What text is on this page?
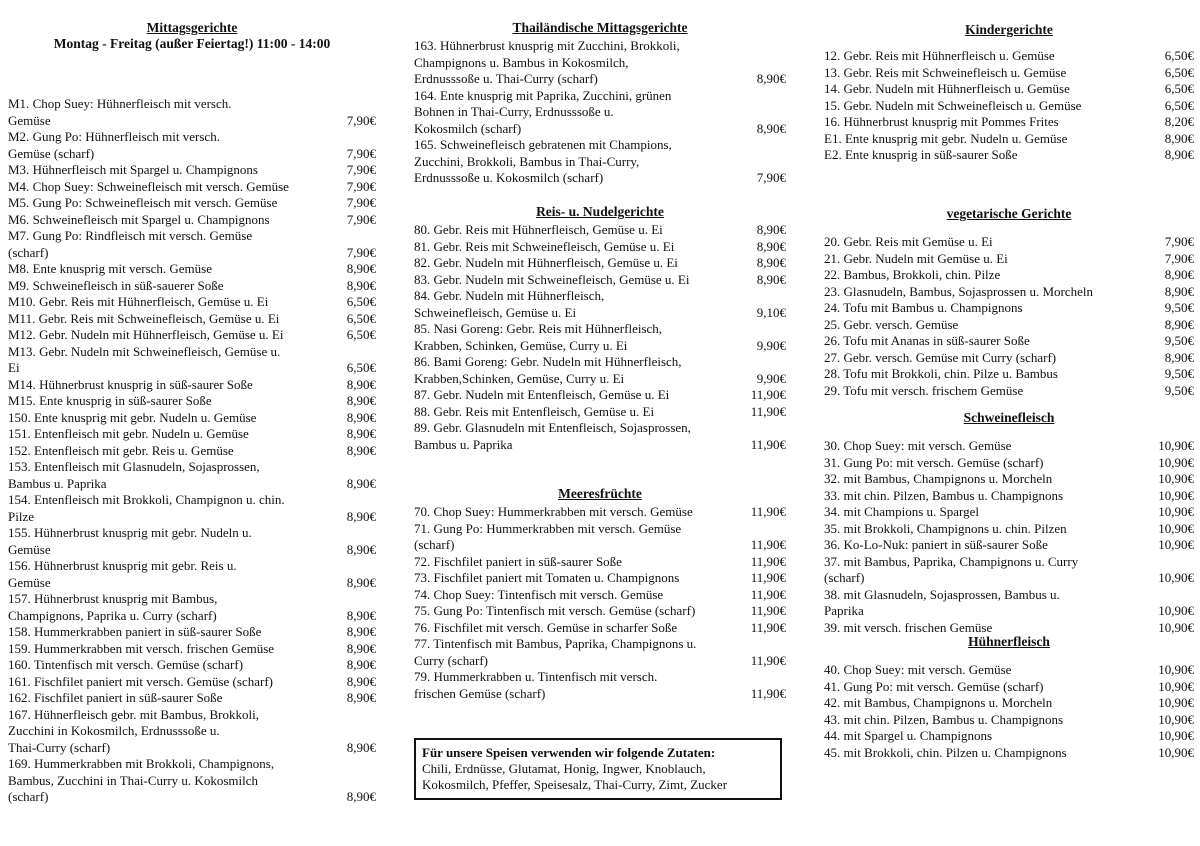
Mittagsgerichte
Montag - Freitag (außer Feiertag!) 11:00 - 14:00
M1. Chop Suey: Hühnerfleisch mit versch.
Gemüse	7,90€
M2. Gung Po: Hühnerfleisch mit versch.
Gemüse (scharf)	7,90€
M3. Hühnerfleisch mit Spargel u. Champignons	7,90€
M4. Chop Suey: Schweinefleisch mit versch. Gemüse	7,90€
M5. Gung Po: Schweinefleisch mit versch. Gemüse	7,90€
M6. Schweinefleisch mit Spargel u. Champignons	7,90€
M7. Gung Po: Rindfleisch mit versch. Gemüse
(scharf)	7,90€
M8. Ente knusprig mit versch. Gemüse	8,90€
M9. Schweinefleisch in süß-sauerer Soße	8,90€
M10. Gebr. Reis mit Hühnerfleisch, Gemüse u. Ei	6,50€
M11. Gebr. Reis mit Schweinefleisch, Gemüse u. Ei	6,50€
M12. Gebr. Nudeln mit Hühnerfleisch, Gemüse u. Ei	6,50€
M13. Gebr. Nudeln mit Schweinefleisch, Gemüse u.
Ei	6,50€
M14. Hühnerbrust knusprig in süß-saurer Soße	8,90€
M15. Ente knusprig in süß-saurer Soße	8,90€
150. Ente knusprig mit gebr. Nudeln u. Gemüse	8,90€
151. Entenfleisch mit gebr. Nudeln u. Gemüse	8,90€
152. Entenfleisch mit gebr. Reis u. Gemüse	8,90€
153. Entenfleisch mit Glasnudeln, Sojasprossen,
Bambus u. Paprika	8,90€
154. Entenfleisch mit Brokkoli, Champignon u. chin.
Pilze	8,90€
155. Hühnerbrust knusprig mit gebr. Nudeln u.
Gemüse	8,90€
156. Hühnerbrust knusprig mit gebr. Reis u.
Gemüse	8,90€
157. Hühnerbrust knusprig mit Bambus,
Champignons, Paprika u. Curry (scharf)	8,90€
158. Hummerkrabben paniert in süß-saurer Soße	8,90€
159. Hummerkrabben mit versch. frischen Gemüse	8,90€
160. Tintenfisch mit versch. Gemüse (scharf)	8,90€
161. Fischfilet paniert mit versch. Gemüse (scharf)	8,90€
162. Fischfilet paniert in süß-saurer Soße	8,90€
167. Hühnerfleisch gebr. mit Bambus, Brokkoli,
Zucchini in Kokosmilch, Erdnusssoße u.
Thai-Curry (scharf)	8,90€
169. Hummerkrabben mit Brokkoli, Champignons,
Bambus, Zucchini in Thai-Curry u. Kokosmilch
(scharf)	8,90€
Thailändische Mittagsgerichte
163. Hühnerbrust knusprig mit Zucchini, Brokkoli,
Champignons u. Bambus in Kokosmilch,
Erdnusssoße u. Thai-Curry (scharf)	8,90€
164. Ente knusprig mit Paprika, Zucchini, grünen
Bohnen in Thai-Curry, Erdnusssoße u.
Kokosmilch (scharf)	8,90€
165. Schweinefleisch gebratenen mit Champions,
Zucchini, Brokkoli, Bambus in Thai-Curry,
Erdnusssoße u. Kokosmilch (scharf)	7,90€
Reis- u. Nudelgerichte
80. Gebr. Reis mit Hühnerfleisch, Gemüse u. Ei	8,90€
81. Gebr. Reis mit Schweinefleisch, Gemüse u. Ei	8,90€
82. Gebr. Nudeln mit Hühnerfleisch, Gemüse u. Ei	8,90€
83. Gebr. Nudeln mit Schweinefleisch, Gemüse u. Ei	8,90€
84. Gebr. Nudeln mit Hühnerfleisch,
Schweinefleisch, Gemüse u. Ei	9,10€
85. Nasi Goreng: Gebr. Reis mit Hühnerfleisch,
Krabben, Schinken, Gemüse, Curry u. Ei	9,90€
86. Bami Goreng: Gebr. Nudeln mit Hühnerfleisch,
Krabben,Schinken, Gemüse, Curry u. Ei	9,90€
87. Gebr. Nudeln mit Entenfleisch, Gemüse u. Ei	11,90€
88. Gebr. Reis mit Entenfleisch, Gemüse u. Ei	11,90€
89. Gebr. Glasnudeln mit Entenfleisch, Sojasprossen,
Bambus u. Paprika	11,90€
Meeresfrüchte
70. Chop Suey: Hummerkrabben mit versch. Gemüse	11,90€
71. Gung Po: Hummerkrabben mit versch. Gemüse
(scharf)	11,90€
72. Fischfilet paniert in süß-saurer Soße	11,90€
73. Fischfilet paniert mit Tomaten u. Champignons	11,90€
74. Chop Suey: Tintenfisch mit versch. Gemüse	11,90€
75. Gung Po: Tintenfisch mit versch. Gemüse (scharf)	11,90€
76. Fischfilet mit versch. Gemüse in scharfer Soße	11,90€
77. Tintenfisch mit Bambus, Paprika, Champignons u.
Curry (scharf)	11,90€
79. Hummerkrabben u. Tintenfisch mit versch.
frischen Gemüse (scharf)	11,90€
Kindergerichte
12. Gebr. Reis mit Hühnerfleisch u. Gemüse	6,50€
13. Gebr. Reis mit Schweinefleisch u. Gemüse	6,50€
14. Gebr. Nudeln mit Hühnerfleisch u. Gemüse	6,50€
15. Gebr. Nudeln mit Schweinefleisch u. Gemüse	6,50€
16. Hühnerbrust knusprig mit Pommes Frites	8,20€
E1. Ente knusprig mit gebr. Nudeln u. Gemüse	8,90€
E2. Ente knusprig in süß-saurer Soße	8,90€
vegetarische Gerichte
20. Gebr. Reis mit Gemüse u. Ei	7,90€
21. Gebr. Nudeln mit Gemüse u. Ei	7,90€
22. Bambus, Brokkoli, chin. Pilze	8,90€
23. Glasnudeln, Bambus, Sojasprossen u. Morcheln	8,90€
24. Tofu mit Bambus u. Champignons	9,50€
25. Gebr. versch. Gemüse	8,90€
26. Tofu mit Ananas in süß-saurer Soße	9,50€
27. Gebr. versch. Gemüse mit Curry (scharf)	8,90€
28. Tofu mit Brokkoli, chin. Pilze u. Bambus	9,50€
29. Tofu mit versch. frischem Gemüse	9,50€
Schweinefleisch
30. Chop Suey: mit versch. Gemüse	10,90€
31. Gung Po: mit versch. Gemüse (scharf)	10,90€
32. mit Bambus, Champignons u. Morcheln	10,90€
33. mit chin. Pilzen, Bambus u. Champignons	10,90€
34. mit Champions u. Spargel	10,90€
35. mit Brokkoli, Champignons u. chin. Pilzen	10,90€
36. Ko-Lo-Nuk: paniert in süß-saurer Soße	10,90€
37. mit Bambus, Paprika, Champignons u. Curry
(scharf)	10,90€
38. mit Glasnudeln, Sojasprossen, Bambus u.
Paprika	10,90€
39. mit versch. frischen Gemüse	10,90€
Hühnerfleisch
40. Chop Suey: mit versch. Gemüse	10,90€
41. Gung Po: mit versch. Gemüse (scharf)	10,90€
42. mit Bambus, Champignons u. Morcheln	10,90€
43. mit chin. Pilzen, Bambus u. Champignons	10,90€
44. mit Spargel u. Champignons	10,90€
45. mit Brokkoli, chin. Pilzen u. Champignons	10,90€
Für unsere Speisen verwenden wir folgende Zutaten:
Chili, Erdnüsse, Glutamat, Honig, Ingwer, Knoblauch,
Kokosmilch, Pfeffer, Speisesalz, Thai-Curry, Zimt, Zucker
